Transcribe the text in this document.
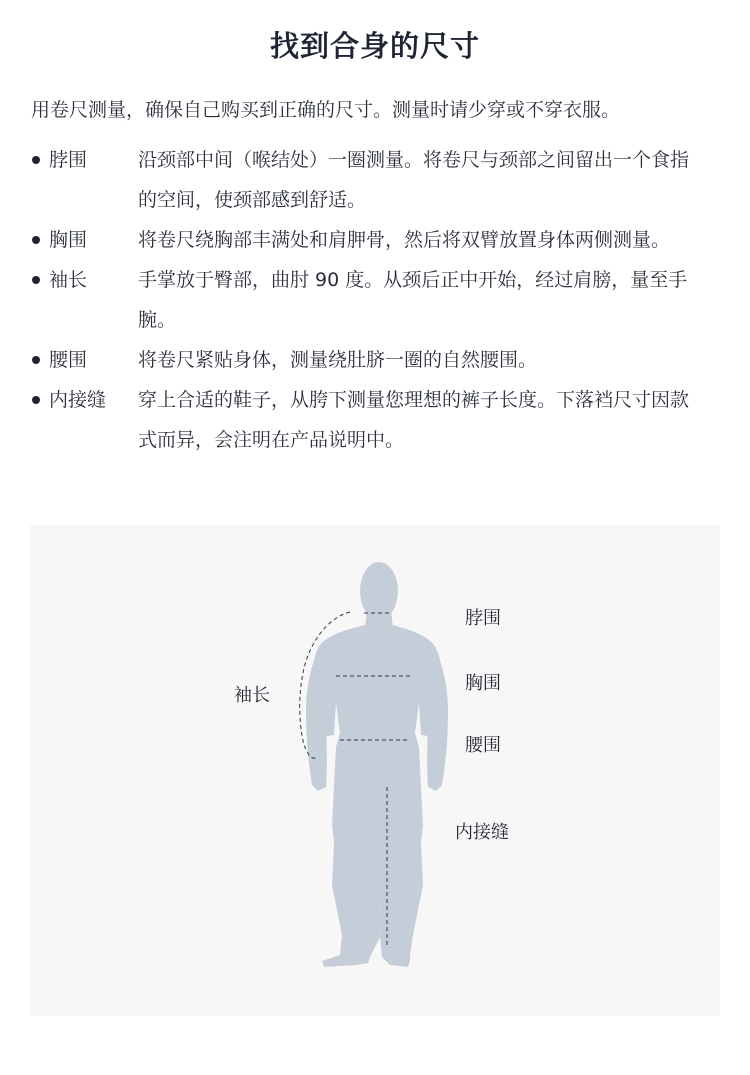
找到合身的尺寸
用卷尺测量，确保自己购买到正确的尺寸。测量时请少穿或不穿衣服。
脖围	沿颈部中间（喉结处）一圈测量。将卷尺与颈部之间留出一个食指的空间，使颈部感到舒适。
胸围	将卷尺绕胸部丰满处和肩胛骨，然后将双臂放置身体两侧测量。
袖长	手掌放于臀部，曲肘 90 度。从颈后正中开始，经过肩膀，量至手腕。
腰围	将卷尺紧贴身体，测量绕肚脐一圈的自然腰围。
内接缝	穿上合适的鞋子，从胯下测量您理想的裤子长度。下落裆尺寸因款式而异，会注明在产品说明中。
脖围
胸围
腰围
袖长
内接缝
